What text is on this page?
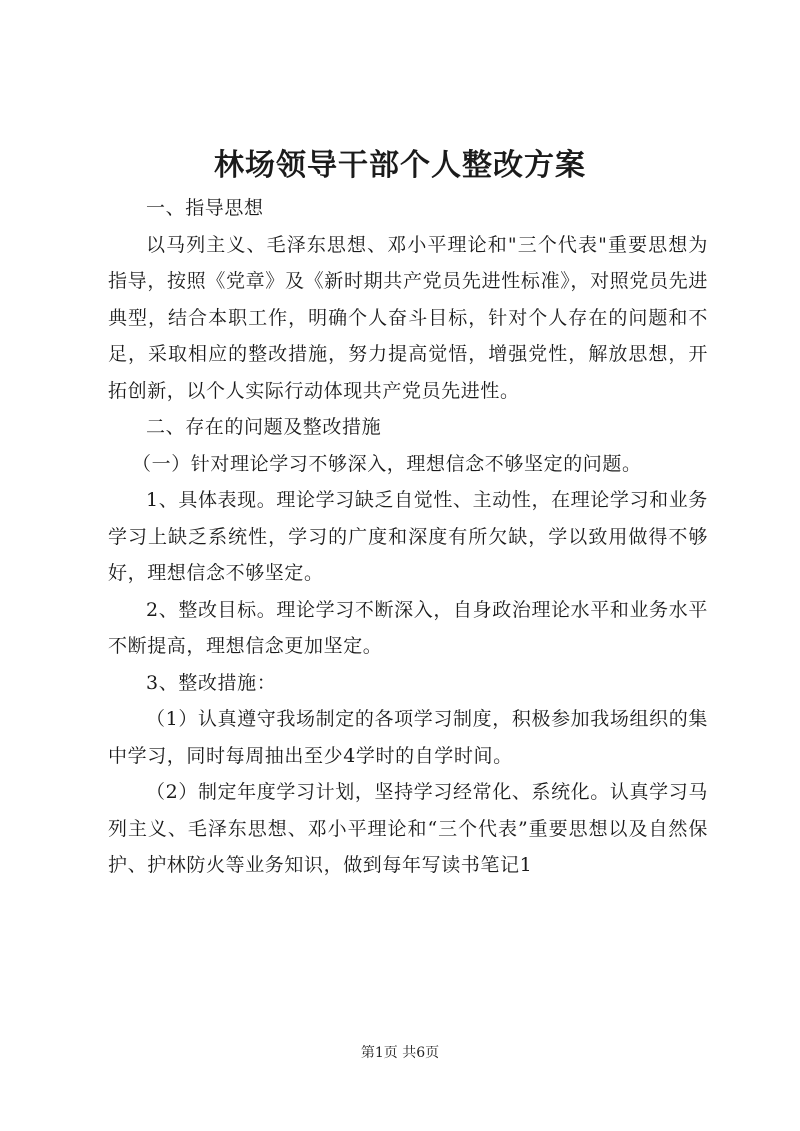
林场领导干部个人整改方案

一、指导思想

以马列主义、毛泽东思想、邓小平理论和"三个代表"重要思想为指导，按照《党章》及《新时期共产党员先进性标准》，对照党员先进典型，结合本职工作，明确个人奋斗目标，针对个人存在的问题和不足，采取相应的整改措施，努力提高觉悟，增强党性，解放思想，开拓创新，以个人实际行动体现共产党员先进性。

二、存在的问题及整改措施

（一）针对理论学习不够深入，理想信念不够坚定的问题。

1、具体表现。理论学习缺乏自觉性、主动性，在理论学习和业务学习上缺乏系统性，学习的广度和深度有所欠缺，学以致用做得不够好，理想信念不够坚定。

2、整改目标。理论学习不断深入，自身政治理论水平和业务水平不断提高，理想信念更加坚定。

3、整改措施：

（1）认真遵守我场制定的各项学习制度，积极参加我场组织的集中学习，同时每周抽出至少4学时的自学时间。

（2）制定年度学习计划，坚持学习经常化、系统化。认真学习马列主义、毛泽东思想、邓小平理论和“三个代表”重要思想以及自然保护、护林防火等业务知识，做到每年写读书笔记1

第1页 共6页
